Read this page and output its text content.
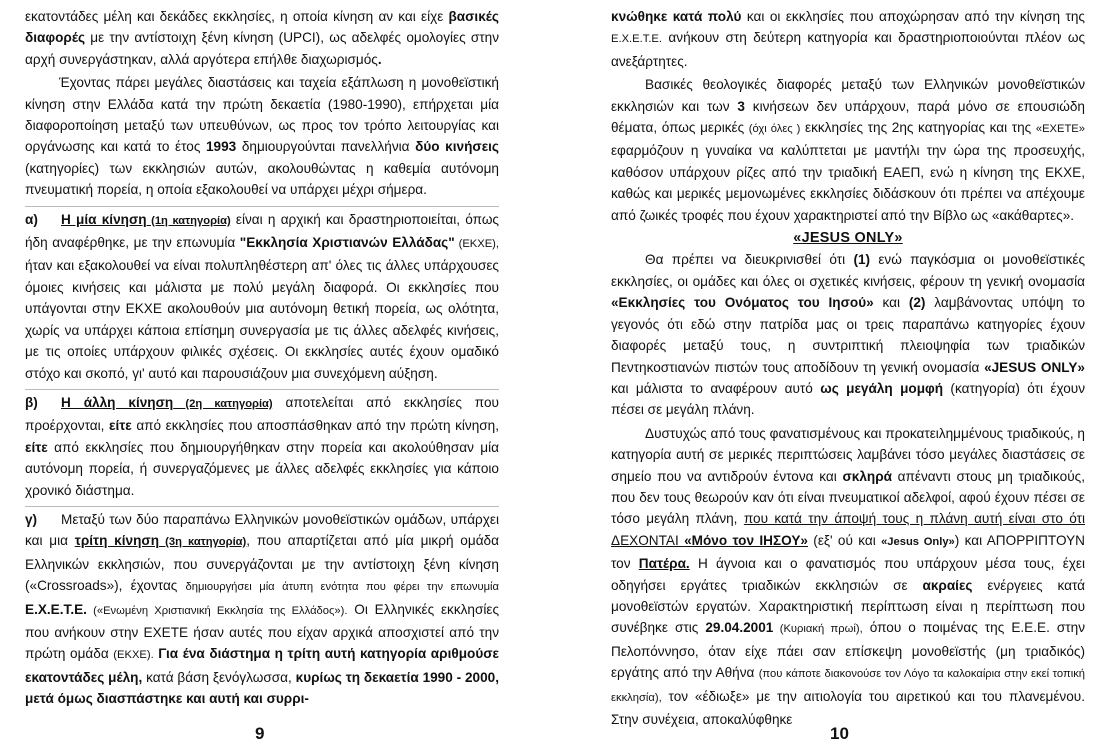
εκατοντάδες μέλη και δεκάδες εκκλησίες, η οποία κίνηση αν και είχε βασικές διαφορές με την αντίστοιχη ξένη κίνηση (UPCI), ως αδελφές ομολογίες στην αρχή συνεργάστηκαν, αλλά αργότερα επήλθε διαχωρισμός.

Έχοντας πάρει μεγάλες διαστάσεις και ταχεία εξάπλωση η μονοθεϊστική κίνηση στην Ελλάδα κατά την πρώτη δεκαετία (1980-1990), επήρχεται μία διαφοροποίηση μεταξύ των υπευθύνων, ως προς τον τρόπο λειτουργίας και οργάνωσης και κατά το έτος 1993 δημιουργούνται πανελλήνια δύο κινήσεις (κατηγορίες) των εκκλησιών αυτών, ακολουθώντας η καθεμία αυτόνομη πνευματική πορεία, η οποία εξακολουθεί να υπάρχει μέχρι σήμερα.

α) Η μία κίνηση (1η κατηγορία) είναι η αρχική και δραστηριοποιείται, όπως ήδη αναφέρθηκε, με την επωνυμία "Εκκλησία Χριστιανών Ελλάδας" (ΕΚΧΕ), ήταν και εξακολουθεί να είναι πολυπληθέστερη απ' όλες τις άλλες υπάρχουσες όμοιες κινήσεις και μάλιστα με πολύ μεγάλη διαφορά. Οι εκκλησίες που υπάγονται στην ΕΚΧΕ ακολουθούν μια αυτόνομη θετική πορεία, ως ολότητα, χωρίς να υπάρχει κάποια επίσημη συνεργασία με τις άλλες αδελφές κινήσεις, με τις οποίες υπάρχουν φιλικές σχέσεις. Οι εκκλησίες αυτές έχουν ομαδικό στόχο και σκοπό, γι' αυτό και παρουσιάζουν μια συνεχόμενη αύξηση.

β) Η άλλη κίνηση (2η κατηγορία) αποτελείται από εκκλησίες που προέρχονται, είτε από εκκλησίες που αποσπάσθηκαν από την πρώτη κίνηση, είτε από εκκλησίες που δημιουργήθηκαν στην πορεία και ακολούθησαν μία αυτόνομη πορεία, ή συνεργαζόμενες με άλλες αδελφές εκκλησίες για κάποιο χρονικό διάστημα.

γ) Μεταξύ των δύο παραπάνω Ελληνικών μονοθεϊστικών ομάδων, υπάρχει και μια τρίτη κίνηση (3η κατηγορία), που απαρτίζεται από μία μικρή ομάδα Ελληνικών εκκλησιών, που συνεργάζονται με την αντίστοιχη ξένη κίνηση («Crossroads»), έχοντας δημιουργήσει μία άτυπη ενότητα που φέρει την επωνυμία Ε.Χ.Ε.Τ.Ε. («Ενωμένη Χριστιανική Εκκλησία της Ελλάδος»). Οι Ελληνικές εκκλησίες που ανήκουν στην ΕΧΕΤΕ ήσαν αυτές που είχαν αρχικά αποσχιστεί από την πρώτη ομάδα (ΕΚΧΕ). Για ένα διάστημα η τρίτη αυτή κατηγορία αριθμούσε εκατοντάδες μέλη, κατά βάση ξενόγλωσσα, κυρίως τη δεκαετία 1990 - 2000, μετά όμως διασπάστηκε και αυτή και συρρι-

9

κνώθηκε κατά πολύ και οι εκκλησίες που αποχώρησαν από την κίνηση της Ε.Χ.Ε.Τ.Ε. ανήκουν στη δεύτερη κατηγορία και δραστηριοποιούνται πλέον ως ανεξάρτητες.

Βασικές θεολογικές διαφορές μεταξύ των Ελληνικών μονοθεϊστικών εκκλησιών και των 3 κινήσεων δεν υπάρχουν, παρά μόνο σε επουσιώδη θέματα, όπως μερικές (όχι όλες ) εκκλησίες της 2ης κατηγορίας και της «ΕΧΕΤΕ» εφαρμόζουν η γυναίκα να καλύπτεται με μαντήλι την ώρα της προσευχής, καθόσον υπάρχουν ρίζες από την τριαδική ΕΑΕΠ, ενώ η κίνηση της ΕΚΧΕ, καθώς και μερικές μεμονωμένες εκκλησίες διδάσκουν ότι πρέπει να απέχουμε από ζωικές τροφές που έχουν χαρακτηριστεί από την Βίβλο ως «ακάθαρτες».

«JESUS ONLY»

Θα πρέπει να διευκρινισθεί ότι (1) ενώ παγκόσμια οι μονοθεϊστικές εκκλησίες, οι ομάδες και όλες οι σχετικές κινήσεις, φέρουν τη γενική ονομασία «Εκκλησίες του Ονόματος του Ιησού» και (2) λαμβάνοντας υπόψη το γεγονός ότι εδώ στην πατρίδα μας οι τρεις παραπάνω κατηγορίες έχουν διαφορές μεταξύ τους, η συντριπτική πλειοψηφία των τριαδικών Πεντηκοστιανών πιστών τους αποδίδουν τη γενική ονομασία «JESUS ONLY» και μάλιστα το αναφέρουν αυτό ως μεγάλη μομφή (κατηγορία) ότι έχουν πέσει σε μεγάλη πλάνη.

Δυστυχώς από τους φανατισμένους και προκατειλημμένους τριαδικούς, η κατηγορία αυτή σε μερικές περιπτώσεις λαμβάνει τόσο μεγάλες διαστάσεις σε σημείο που να αντιδρούν έντονα και σκληρά απέναντι στους μη τριαδικούς, που δεν τους θεωρούν καν ότι είναι πνευματικοί αδελφοί, αφού έχουν πέσει σε τόσο μεγάλη πλάνη, που κατά την άποψή τους η πλάνη αυτή είναι στο ότι ΔΕΧΟΝΤΑΙ «Μόνο τον ΙΗΣΟΥ» (εξ' ού και «Jesus Only») και ΑΠΟΡΡΙΠΤΟΥΝ τον Πατέρα. Η άγνοια και ο φανατισμός που υπάρχουν μέσα τους, έχει οδηγήσει εργάτες τριαδικών εκκλησιών σε ακραίες ενέργειες κατά μονοθεϊστών εργατών. Χαρακτηριστική περίπτωση είναι η περίπτωση που συνέβηκε στις 29.04.2001 (Κυριακή πρωί), όπου ο ποιμένας της Ε.Ε.Ε. στην Πελοπόννησο, όταν είχε πάει σαν επίσκεψη μονοθεϊστής (μη τριαδικός) εργάτης από την Αθήνα (που κάποτε διακονούσε τον Λόγο τα καλοκαίρια στην εκεί τοπική εκκλησία), τον «έδιωξε» με την αιτιολογία του αιρετικού και του πλανεμένου. Στην συνέχεια, αποκαλύφθηκε

10
